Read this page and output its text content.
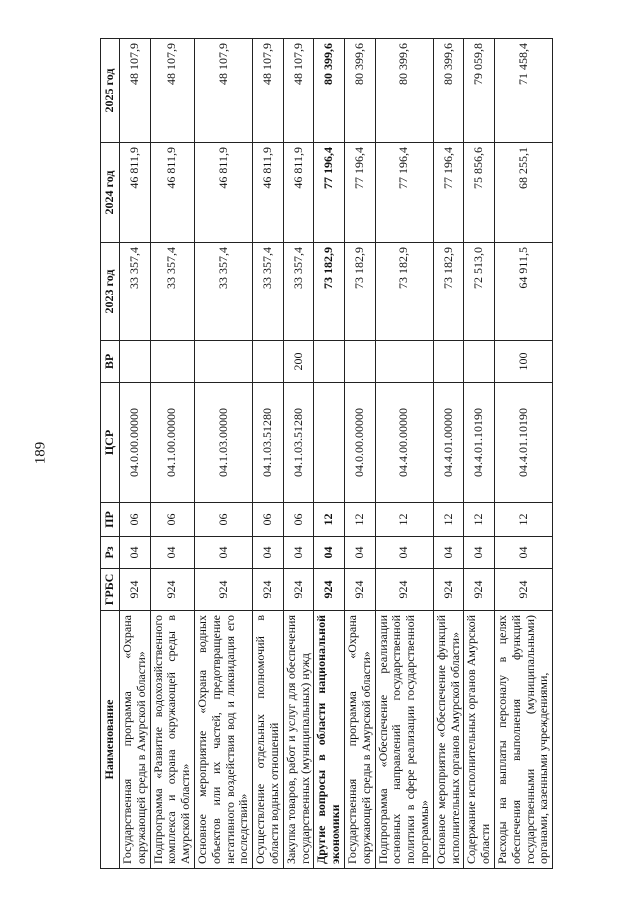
189
Наименование	ГРБС	Рз	ПР	ЦСР	ВР	2023 год	2024 год	2025 год
Государственная программа «Охрана окружающей среды в Амурской области»	924	04	06	04.0.00.00000		33 357,4	46 811,9	48 107,9
Подпрограмма «Развитие водохозяйственного комплекса и охрана окружающей среды в Амурской области»	924	04	06	04.1.00.00000		33 357,4	46 811,9	48 107,9
Основное мероприятие «Охрана водных объектов или их частей, предотвращение негативного воздействия вод и ликвидация его последствий»	924	04	06	04.1.03.00000		33 357,4	46 811,9	48 107,9
Осуществление отдельных полномочий в области водных отношений	924	04	06	04.1.03.51280		33 357,4	46 811,9	48 107,9
Закупка товаров, работ и услуг для обеспечения государственных (муниципальных) нужд	924	04	06	04.1.03.51280	200	33 357,4	46 811,9	48 107,9
Другие вопросы в области национальной экономики	924	04	12			73 182,9	77 196,4	80 399,6
Государственная программа «Охрана окружающей среды в Амурской области»	924	04	12	04.0.00.00000		73 182,9	77 196,4	80 399,6
Подпрограмма «Обеспечение реализации основных направлений государственной политики в сфере реализации государственной программы»	924	04	12	04.4.00.00000		73 182,9	77 196,4	80 399,6
Основное мероприятие «Обеспечение функций исполнительных органов Амурской области»	924	04	12	04.4.01.00000		73 182,9	77 196,4	80 399,6
Содержание исполнительных органов Амурской области	924	04	12	04.4.01.10190		72 513,0	75 856,6	79 059,8
Расходы на выплаты персоналу в целях обеспечения выполнения функций государственными (муниципальными) органами, казенными учреждениями,	924	04	12	04.4.01.10190	100	64 911,5	68 255,1	71 458,4
